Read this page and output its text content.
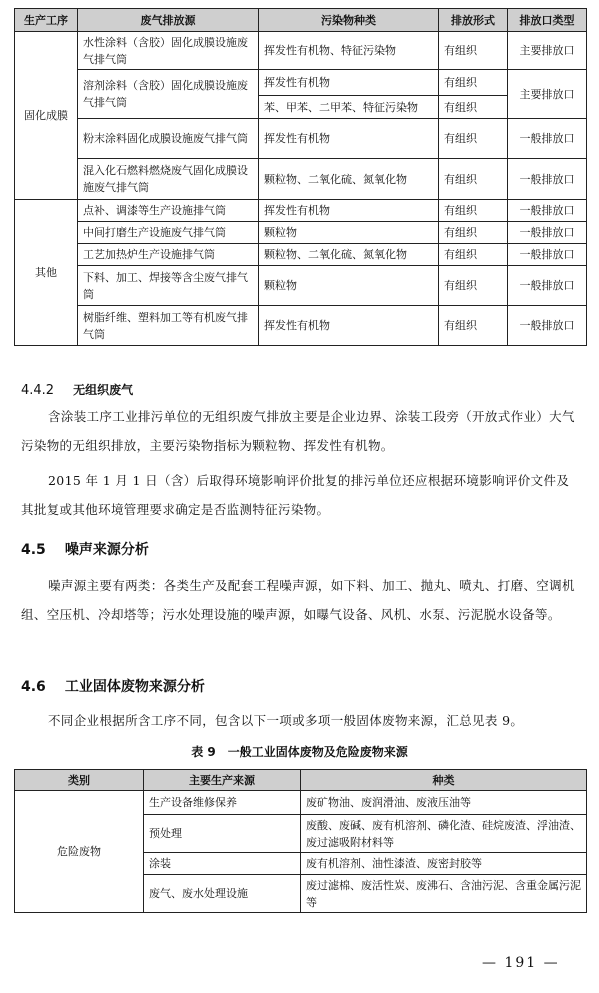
生产工序	废气排放源	污染物种类	排放形式	排放口类型
固化成膜	水性涂料（含胶）固化成膜设施废气排气筒	挥发性有机物、特征污染物	有组织	主要排放口
	溶剂涂料（含胶）固化成膜设施废气排气筒	挥发性有机物	有组织	主要排放口
		苯、甲苯、二甲苯、特征污染物	有组织	
	粉末涂料固化成膜设施废气排气筒	挥发性有机物	有组织	一般排放口
	混入化石燃料燃烧废气固化成膜设施废气排气筒	颗粒物、二氧化硫、氮氧化物	有组织	一般排放口
其他	点补、调漆等生产设施排气筒	挥发性有机物	有组织	一般排放口
	中间打磨生产设施废气排气筒	颗粒物	有组织	一般排放口
	工艺加热炉生产设施排气筒	颗粒物、二氧化硫、氮氧化物	有组织	一般排放口
	下料、加工、焊接等含尘废气排气筒	颗粒物	有组织	一般排放口
	树脂纤维、塑料加工等有机废气排气筒	挥发性有机物	有组织	一般排放口
4.4.2 无组织废气
含涂装工序工业排污单位的无组织废气排放主要是企业边界、涂装工段旁（开放式作业）大气污染物的无组织排放，主要污染物指标为颗粒物、挥发性有机物。
2015 年 1 月 1 日（含）后取得环境影响评价批复的排污单位还应根据环境影响评价文件及其批复或其他环境管理要求确定是否监测特征污染物。
4.5 噪声来源分析
噪声源主要有两类：各类生产及配套工程噪声源，如下料、加工、抛丸、喷丸、打磨、空调机组、空压机、冷却塔等；污水处理设施的噪声源，如曝气设备、风机、水泵、污泥脱水设备等。
4.6 工业固体废物来源分析
不同企业根据所含工序不同，包含以下一项或多项一般固体废物来源，汇总见表 9。
表 9　一般工业固体废物及危险废物来源
类别	主要生产来源	种类
危险废物	生产设备维修保养	废矿物油、废润滑油、废液压油等
	预处理	废酸、废碱、废有机溶剂、磷化渣、硅烷废渣、浮油渣、废过滤吸附材料等
	涂装	废有机溶剂、油性漆渣、废密封胶等
	废气、废水处理设施	废过滤棉、废活性炭、废沸石、含油污泥、含重金属污泥等
— 191 —
